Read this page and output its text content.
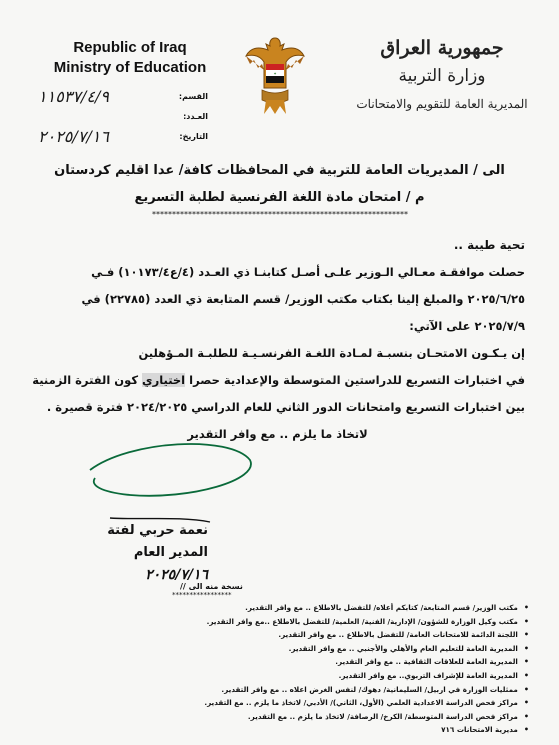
Republic of Iraq
Ministry of Education
القسم:
١١٥٣٧/٤/٩
العـدد:
التاريخ:
٢٠٢٥/٧/١٦
✦
جمهورية العراق
وزارة التربية
المديرية العامة للتقويم والامتحانات
الى / المديريات العامة للتربية في المحافظات كافة/ عدا اقليم كردستان
م / امتحان مادة اللغة الفرنسية لطلبة التسريع
****************************************************************

تحية طيبة ..

حصلت موافقـة معـالي الـوزير علـى أصـل كتابنـا ذي العـدد (٤/ع١٠١٧٣/٤) فـي

٢٠٢٥/٦/٢٥ والمبلغ إلينا بكتاب مكتب الوزير/ قسم المتابعة ذي العدد (٢٢٧٨٥) في

٢٠٢٥/٧/٩ على الآتي:

إن يـكـون الامتحـان بنسبـة لمـادة اللغـة الفرنسـيـة للطلبـة المـؤهلين

في اختبارات التسريع للدراستين المتوسطة والإعدادية حصرا اختياري كون الفترة الزمنية

بين اختبارات التسريع وامتحانات الدور الثاني للعام الدراسي ٢٠٢٤/٢٠٢٥ فترة قصيرة .

لاتخاذ ما يلزم .. مع وافر التقدير

نعمة حربي لفتة
المدير العام
٢٠٢٥/٧/١٦
نسخة منه الى //
*****************
• مكتب الوزير/ قسم المتابعة/ كتابكم أعلاه/ للتفضل بالاطلاع .. مع وافر التقدير.
• مكتب وكيل الوزارة للشؤون/ الإدارية/ الفنية/ العلمية/ للتفضل بالاطلاع ..مع وافر التقدير.
• اللجنة الدائمة للامتحانات العامة/ للتفضل بالاطلاع .. مع وافر التقدير.
• المديرية العامة للتعليم العام والأهلي والأجنبي .. مع وافر التقدير.
• المديرية العامة للعلاقات الثقافية .. مع وافر التقدير.
• المديرية العامة للإشراف التربوي.. مع وافر التقدير.
• ممثليات الوزارة في اربيل/ السليمانية/ دهوك/ لنفس الغرض اعلاه .. مع وافر التقدير.
• مراكز فحص الدراسة الاعدادية العلمي (الأول، الثاني)/ الأدبي/ لاتخاذ ما يلزم .. مع التقدير.
• مراكز فحص الدراسة المتوسطة/ الكرخ/ الرصافة/ لاتخاذ ما يلزم .. مع التقدير.
• مديرية الامتحانات ٧١٦
